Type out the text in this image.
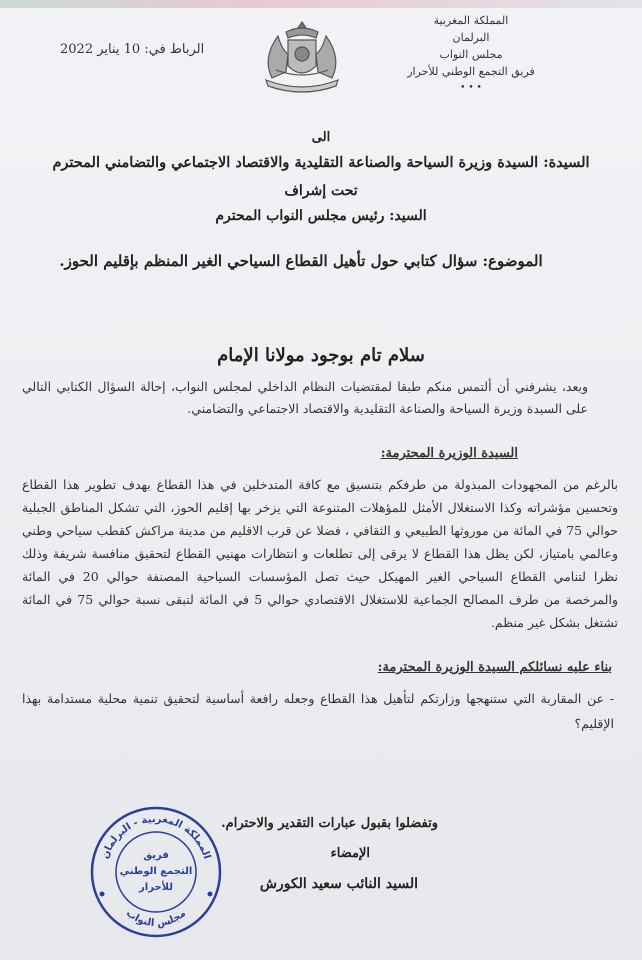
المملكة المغربية
البرلمان
مجلس النواب
فريق التجمع الوطني للأحرار
• • •
الرباط في: 10 يناير 2022
الى
السيدة: السيدة وزيرة السياحة والصناعة التقليدية والاقتصاد الاجتماعي والتضامني المحترم
تحت إشراف
السيد: رئيس مجلس النواب المحترم
الموضوع: سؤال كتابي حول تأهيل القطاع السياحي الغير المنظم بإقليم الحوز.
سلام تام بوجود مولانا الإمام
وبعد، يشرفني أن ألتمس منكم طبقا لمقتضيات النظام الداخلي لمجلس النواب، إحالة السؤال الكتابي التالي على السيدة وزيرة السياحة والصناعة التقليدية والاقتصاد الاجتماعي والتضامني.
السيدة الوزيرة المحترمة:
بالرغم من المجهودات المبذولة من طرفكم بتنسيق مع كافة المتدخلين في هذا القطاع بهدف تطوير هذا القطاع وتحسين مؤشراته وكذا الاستغلال الأمثل للمؤهلات المتنوعة التي يزخر بها إقليم الحوز، التي تشكل المناطق الجبلية حوالي 75 في المائة من موروثها الطبيعي و الثقافي ، فضلا عن قرب الاقليم من مدينة مراكش كقطب سياحي وطني وعالمي بامتياز، لكن يظل هذا القطاع لا يرقى إلى تطلعات و انتظارات مهنيي القطاع لتحقيق منافسة شريفة وذلك نظرا لتنامي القطاع السياحي الغير المهيكل حيث تصل المؤسسات السياحية المصنفة حوالي 20 في المائة والمرخصة من طرف المصالح الجماعية للاستغلال الاقتصادي حوالي 5 في المائة لتبقى نسبة حوالي 75 في المائة تشتغل بشكل غير منظم.
بناء عليه نسائلكم السيدة الوزيرة المحترمة:
- عن المقاربة التي ستنهجها وزارتكم لتأهيل هذا القطاع وجعله رافعة أساسية لتحقيق تنمية محلية مستدامة بهذا الإقليم؟
وتفضلوا بقبول عبارات التقدير والاحترام.
الإمضاء
السيد النائب سعيد الكورش
المملكة المغربية - البرلمان
مجلس النواب
فريق
التجمع الوطني
للأحرار
